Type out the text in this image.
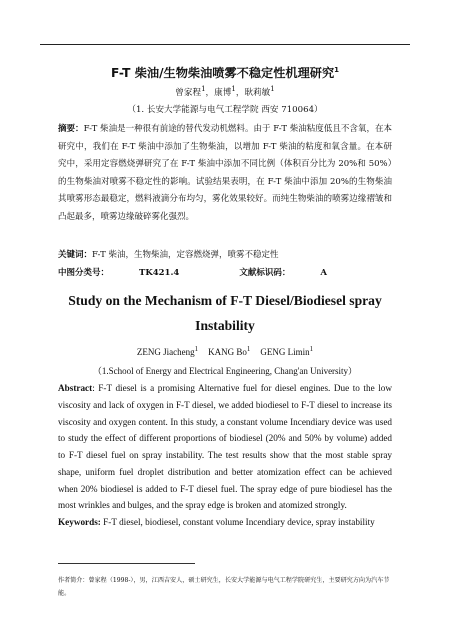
F-T 柴油/生物柴油喷雾不稳定性机理研究$^1$
曾家程$^1$，康博$^1$，耿莉敏$^1$
（1. 长安大学能源与电气工程学院 西安 710064）
摘要：F-T 柴油是一种很有前途的替代发动机燃料。由于 F-T 柴油粘度低且不含氧，在本研究中，我们在 F-T 柴油中添加了生物柴油，以增加 F-T 柴油的粘度和氧含量。在本研究中，采用定容燃烧弹研究了在 F-T 柴油中添加不同比例（体积百分比为 20%和 50%）的生物柴油对喷雾不稳定性的影响。试验结果表明，在 F-T 柴油中添加 20%的生物柴油其喷雾形态最稳定，燃料液滴分布均匀，雾化效果较好。而纯生物柴油的喷雾边缘褶皱和凸起最多，喷雾边缘破碎雾化强烈。
关键词：F-T 柴油，生物柴油，定容燃烧弹，喷雾不稳定性
中图分类号：	TK421.4	文献标识码：	A
Study on the Mechanism of F-T Diesel/Biodiesel spray Instability
ZENG Jiacheng$^1$ KANG Bo$^1$ GENG Limin$^1$
（1.School of Energy and Electrical Engineering, Chang'an University）
Abstract: F-T diesel is a promising Alternative fuel for diesel engines. Due to the low viscosity and lack of oxygen in F-T diesel, we added biodiesel to F-T diesel to increase its viscosity and oxygen content. In this study, a constant volume Incendiary device was used to study the effect of different proportions of biodiesel (20% and 50% by volume) added to F-T diesel fuel on spray instability. The test results show that the most stable spray shape, uniform fuel droplet distribution and better atomization effect can be achieved when 20% biodiesel is added to F-T diesel fuel. The spray edge of pure biodiesel has the most wrinkles and bulges, and the spray edge is broken and atomized strongly.
Keywords: F-T diesel, biodiesel, constant volume Incendiary device, spray instability
作者简介：曾家程（1998-），男，江西吉安人，硕士研究生，长安大学能源与电气工程学院研究生，主要研究方向为汽车节能。
